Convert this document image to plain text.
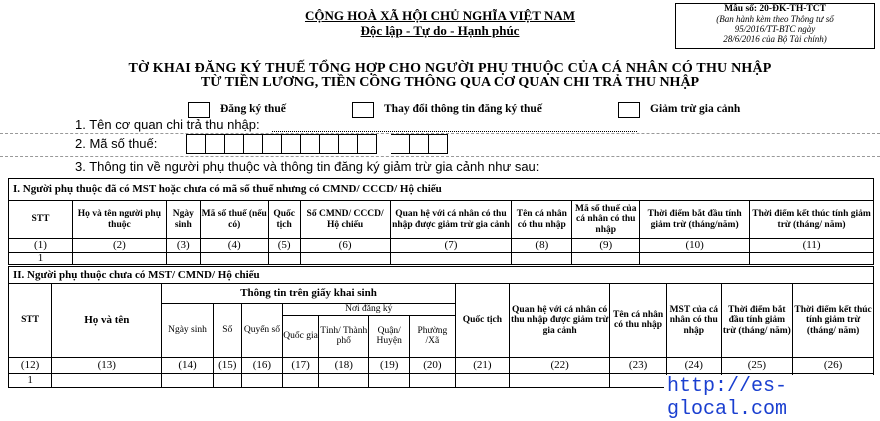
CỘNG HOÀ XÃ HỘI CHỦ NGHĨA VIỆT NAM
Độc lập - Tự do - Hạnh phúc
Mẫu số: 20-ĐK-TH-TCT
(Ban hành kèm theo Thông tư số
95/2016/TT-BTC ngày
28/6/2016 của Bộ Tài chính)
TỜ KHAI ĐĂNG KÝ THUẾ TỔNG HỢP CHO NGƯỜI PHỤ THUỘC CỦA CÁ NHÂN CÓ THU NHẬP
TỪ TIỀN LƯƠNG, TIỀN CÔNG THÔNG QUA CƠ QUAN CHI TRẢ THU NHẬP
Đăng ký thuế	Thay đổi thông tin đăng ký thuế	Giảm trừ gia cảnh
1. Tên cơ quan chi trả thu nhập:
2. Mã số thuế:
3. Thông tin về người phụ thuộc và thông tin đăng ký giảm trừ gia cảnh như sau:
I. Người phụ thuộc đã có MST hoặc chưa có mã số thuế nhưng có CMND/ CCCD/ Hộ chiếu										
STT	Họ và tên người phụ thuộc	Ngày sinh	Mã số thuế (nếu có)	Quốc tịch	Số CMND/ CCCD/ Hộ chiếu	Quan hệ với cá nhân có thu nhập được giảm trừ gia cảnh	Tên cá nhân có thu nhập	Mã số thuế của cá nhân có thu nhập	Thời điểm bắt đầu tính giảm trừ (tháng/năm)	Thời điểm kết thúc tính giảm trừ (tháng/ năm)
(1)	(2)	(3)	(4)	(5)	(6)	(7)	(8)	(9)	(10)	(11)
1										
II. Người phụ thuộc chưa có MST/ CMND/ Hộ chiếu														
STT	Họ và tên	Thông tin trên giấy khai sinh							Quốc tịch	Quan hệ với cá nhân có thu nhập được giảm trừ gia cảnh	Tên cá nhân có thu nhập	MST của cá nhân có thu nhập	Thời điểm bắt đầu tính giảm trừ (tháng/ năm)	Thời điểm kết thúc tính giảm trừ (tháng/ năm)
		Ngày sinh	Số	Quyển số	Nơi đăng ký									
					Quốc gia	Tỉnh/ Thành phố	Quận/ Huyện	Phường /Xã						
(12)	(13)	(14)	(15)	(16)	(17)	(18)	(19)	(20)	(21)	(22)	(23)	(24)	(25)	(26)
1															http://es-glocal.com
